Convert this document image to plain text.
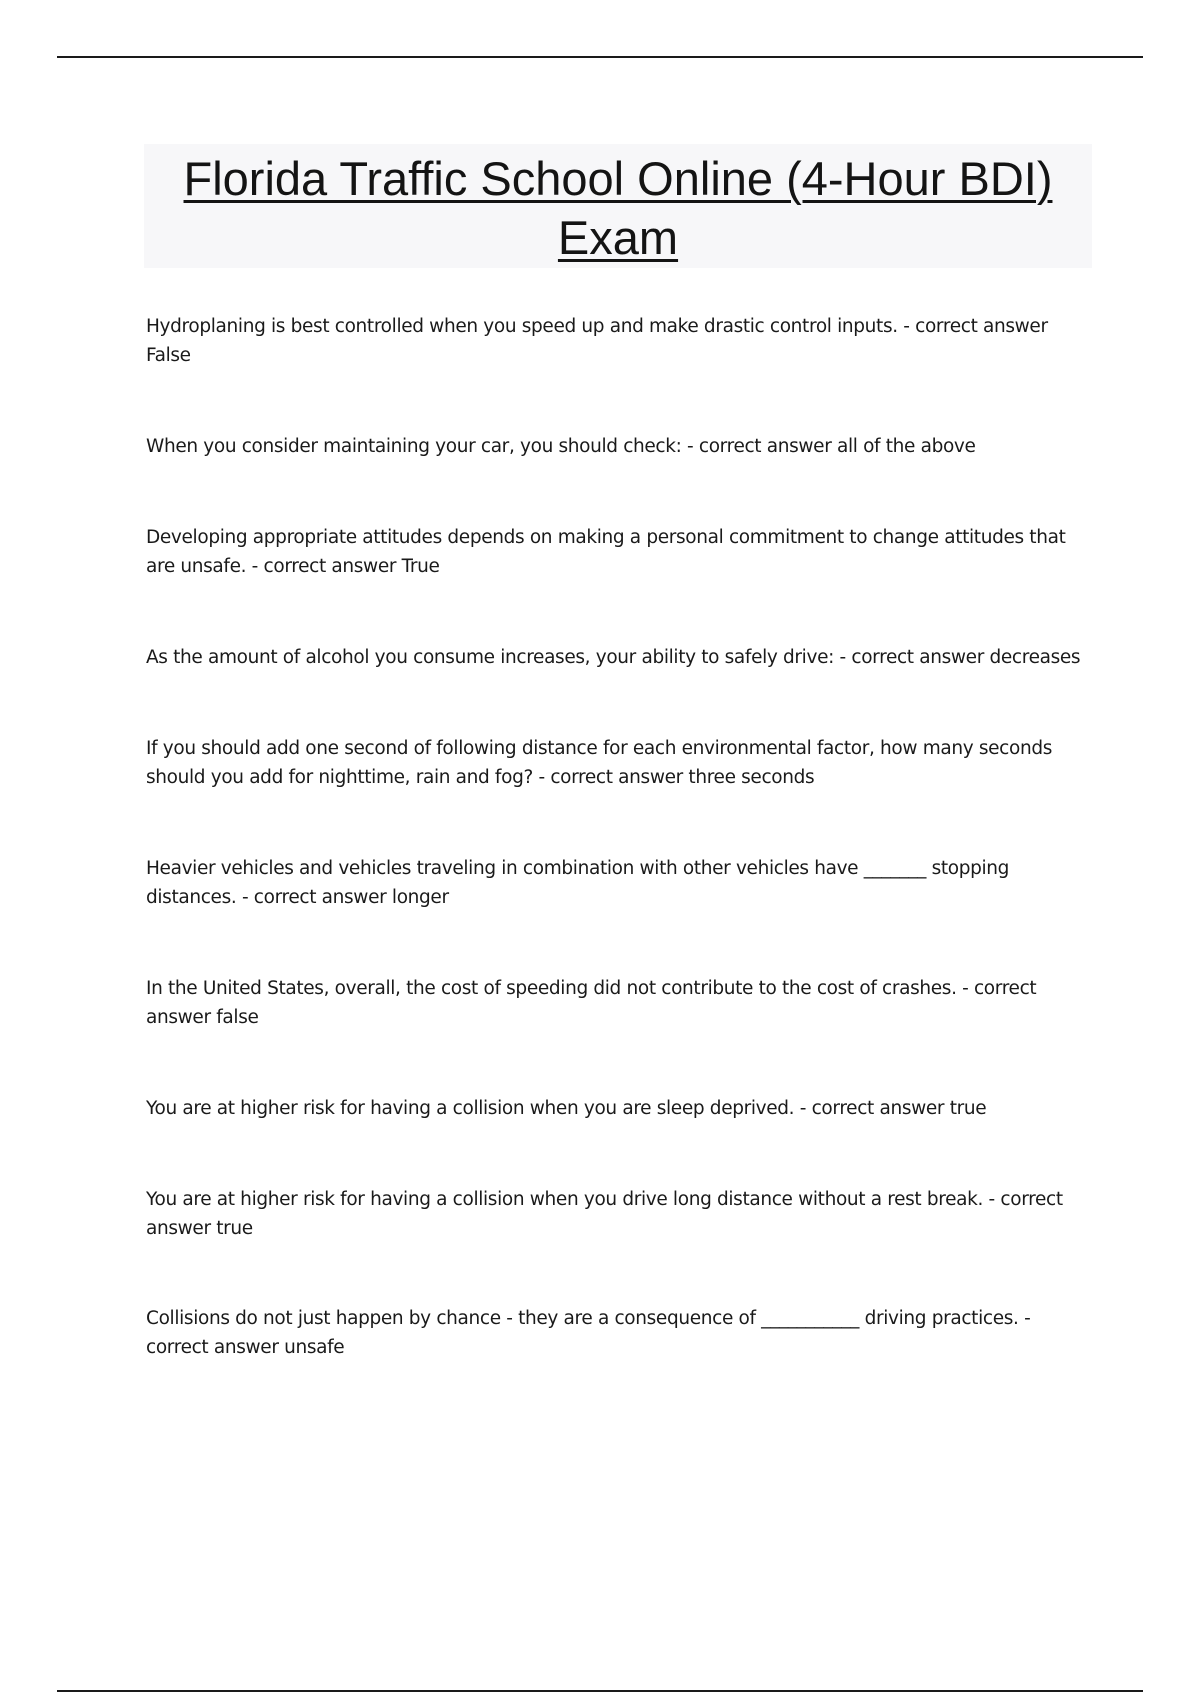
Florida Traffic School Online (4-Hour BDI)
Exam
Hydroplaning is best controlled when you speed up and make drastic control inputs. - correct answer False
When you consider maintaining your car, you should check: - correct answer all of the above
Developing appropriate attitudes depends on making a personal commitment to change attitudes that are unsafe. - correct answer True
As the amount of alcohol you consume increases, your ability to safely drive: - correct answer decreases
If you should add one second of following distance for each environmental factor, how many seconds should you add for nighttime, rain and fog? - correct answer three seconds
Heavier vehicles and vehicles traveling in combination with other vehicles have _______ stopping distances. - correct answer longer
In the United States, overall, the cost of speeding did not contribute to the cost of crashes. - correct answer false
You are at higher risk for having a collision when you are sleep deprived. - correct answer true
You are at higher risk for having a collision when you drive long distance without a rest break. - correct answer true
Collisions do not just happen by chance - they are a consequence of ___________ driving practices. - correct answer unsafe
